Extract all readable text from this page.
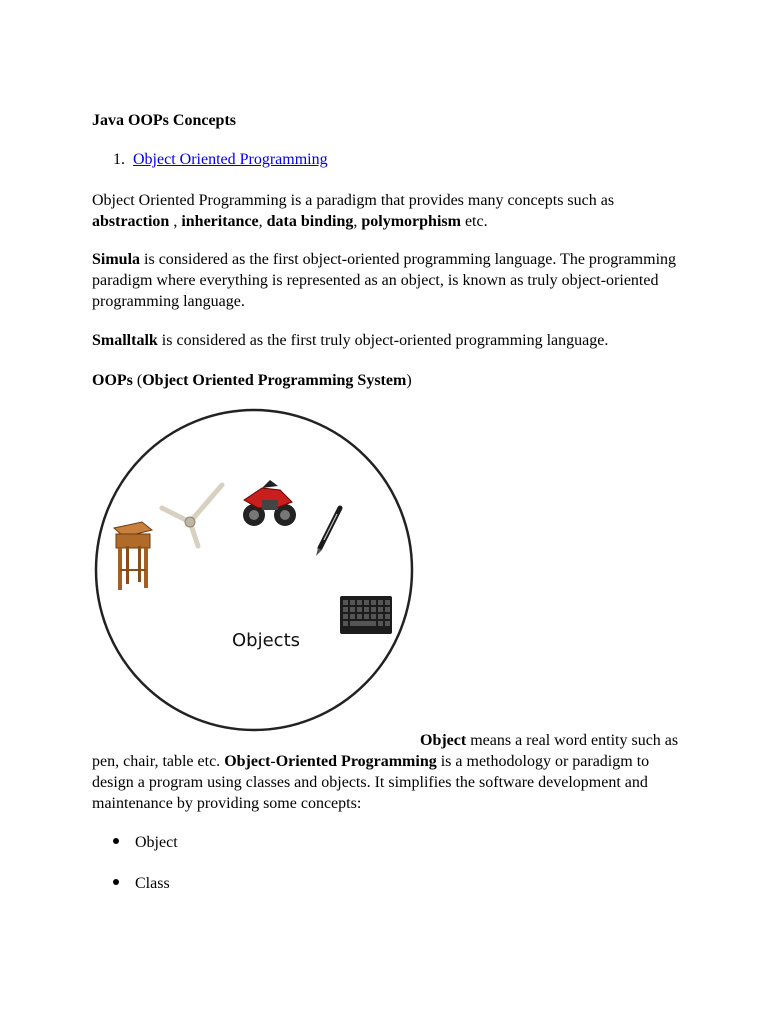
Java OOPs Concepts
1. Object Oriented Programming
Object Oriented Programming is a paradigm that provides many concepts such as abstraction , inheritance, data binding, polymorphism etc.
Simula is considered as the first object-oriented programming language. The programming paradigm where everything is represented as an object, is known as truly object-oriented programming language.
Smalltalk is considered as the first truly object-oriented programming language.
OOPs (Object Oriented Programming System)
Objects
Object means a real word entity such as pen, chair, table etc. Object-Oriented Programming is a methodology or paradigm to design a program using classes and objects. It simplifies the software development and maintenance by providing some concepts:
Object
Class
